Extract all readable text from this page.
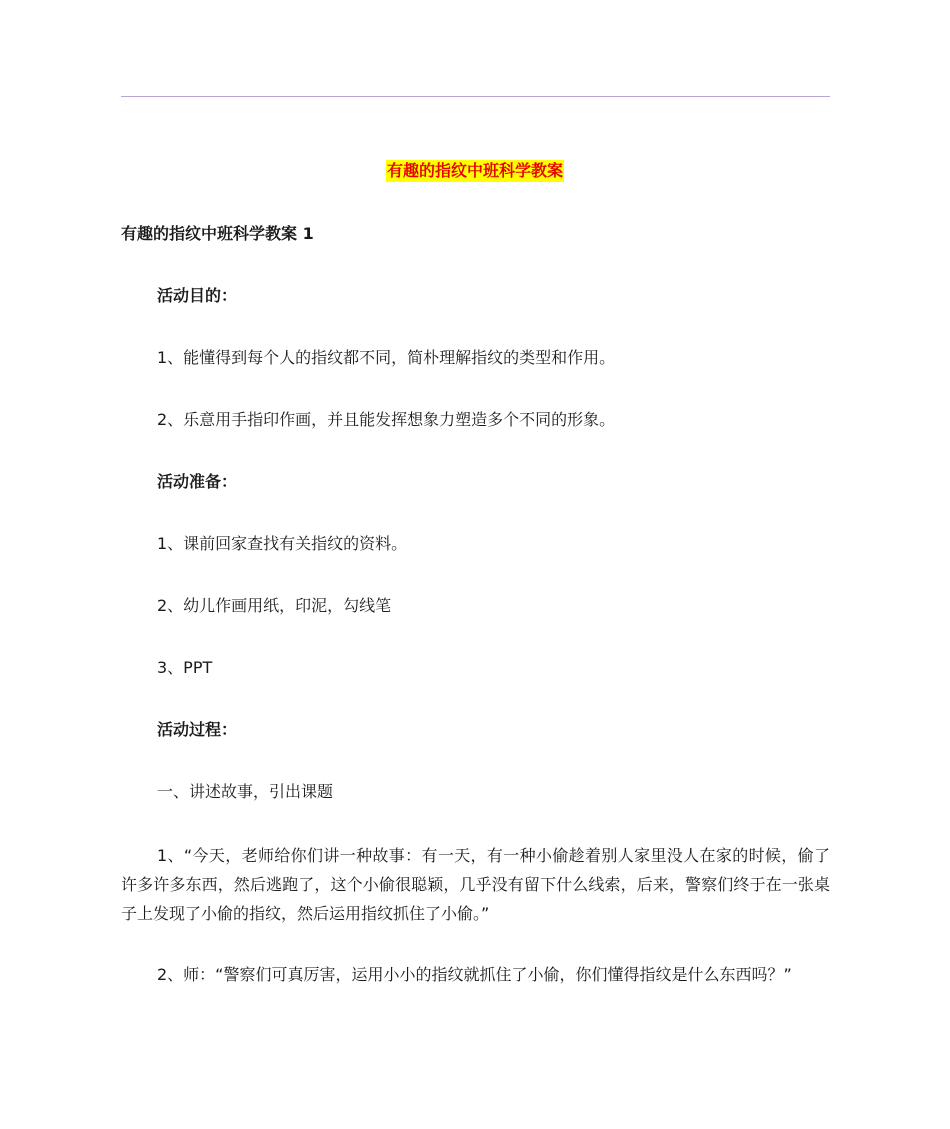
有趣的指纹中班科学教案
有趣的指纹中班科学教案 1
活动目的：
1、能懂得到每个人的指纹都不同，简朴理解指纹的类型和作用。
2、乐意用手指印作画，并且能发挥想象力塑造多个不同的形象。
活动准备：
1、课前回家查找有关指纹的资料。
2、幼儿作画用纸，印泥，勾线笔
3、PPT
活动过程：
一、讲述故事，引出课题
1、“今天，老师给你们讲一种故事：有一天，有一种小偷趁着别人家里没人在家的时候，偷了许多许多东西，然后逃跑了，这个小偷很聪颖，几乎没有留下什么线索，后来，警察们终于在一张桌子上发现了小偷的指纹，然后运用指纹抓住了小偷。”
2、师：“警察们可真厉害，运用小小的指纹就抓住了小偷，你们懂得指纹是什么东西吗？”
